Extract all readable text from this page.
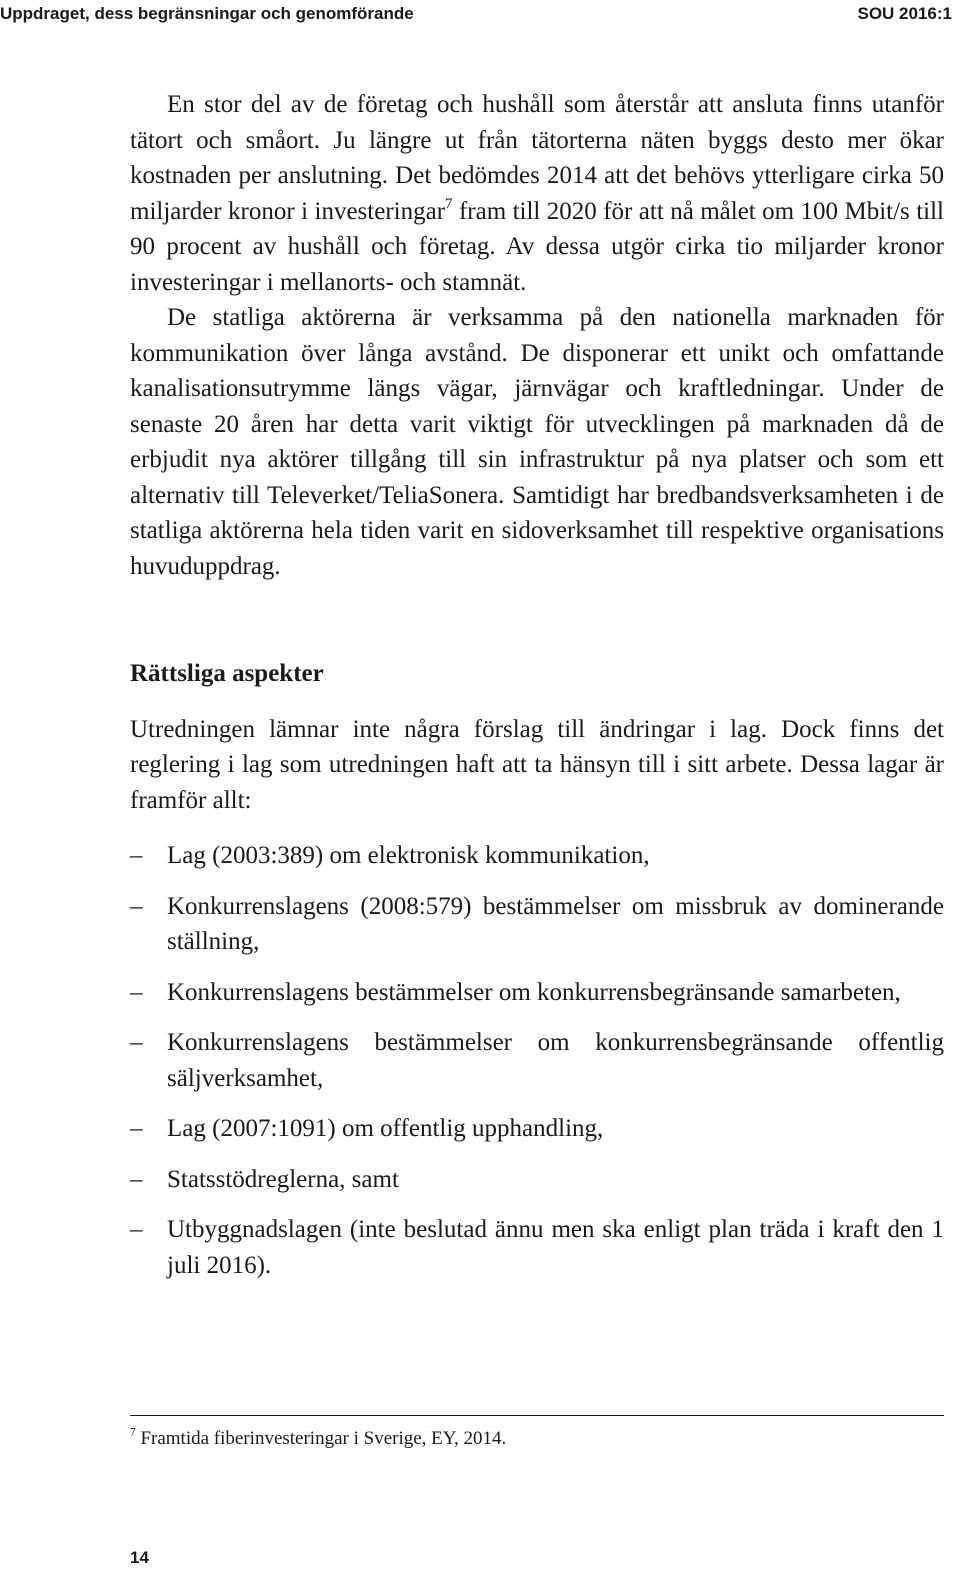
Uppdraget, dess begränsningar och genomförande	SOU 2016:1

En stor del av de företag och hushåll som återstår att ansluta finns utanför tätort och småort. Ju längre ut från tätorterna näten byggs desto mer ökar kostnaden per anslutning. Det bedömdes 2014 att det behövs ytterligare cirka 50 miljarder kronor i investeringar$^7$ fram till 2020 för att nå målet om 100 Mbit/s till 90 procent av hushåll och företag. Av dessa utgör cirka tio miljarder kronor investeringar i mellanorts- och stamnät.

De statliga aktörerna är verksamma på den nationella marknaden för kommunikation över långa avstånd. De disponerar ett unikt och omfattande kanalisationsutrymme längs vägar, järnvägar och kraftledningar. Under de senaste 20 åren har detta varit viktigt för utvecklingen på marknaden då de erbjudit nya aktörer tillgång till sin infrastruktur på nya platser och som ett alternativ till Televerket/TeliaSonera. Samtidigt har bredbandsverksamheten i de statliga aktörerna hela tiden varit en sidoverksamhet till respektive organisations huvuduppdrag.

Rättsliga aspekter

Utredningen lämnar inte några förslag till ändringar i lag. Dock finns det reglering i lag som utredningen haft att ta hänsyn till i sitt arbete. Dessa lagar är framför allt:

– Lag (2003:389) om elektronisk kommunikation,
– Konkurrenslagens (2008:579) bestämmelser om missbruk av dominerande ställning,
– Konkurrenslagens bestämmelser om konkurrensbegränsande samarbeten,
– Konkurrenslagens bestämmelser om konkurrensbegränsande offentlig säljverksamhet,
– Lag (2007:1091) om offentlig upphandling,
– Statsstödreglerna, samt
– Utbyggnadslagen (inte beslutad ännu men ska enligt plan träda i kraft den 1 juli 2016).
$^7$ Framtida fiberinvesteringar i Sverige, EY, 2014.
14
